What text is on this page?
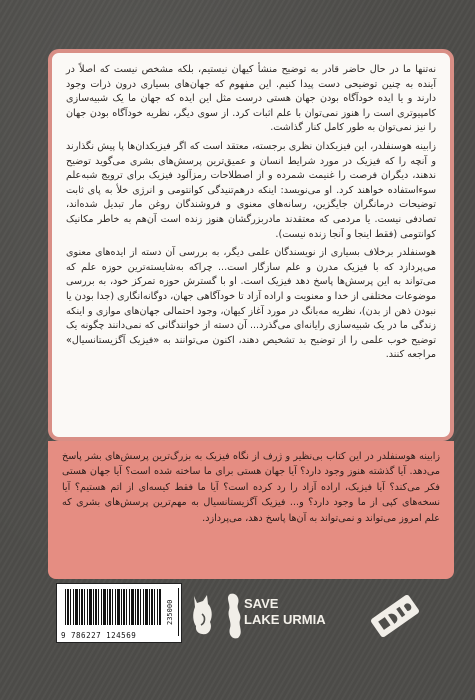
نه‌تنها ما در حال حاضر قادر به توضیح منشأ کیهان نیستیم، بلکه مشخص نیست که اصلاً در آینده به چنین توضیحی دست پیدا کنیم. این مفهوم که جهان‌های بسیاری درون ذرات وجود دارند و یا ایده خودآگاه بودن جهان هستی درست مثل این ایده که جهان ما یک شبیه‌سازی کامپیوتری است را هنوز نمی‌توان با علم اثبات کرد. از سوی دیگر، نظریه خودآگاه بودن جهان را نیز نمی‌توان به طور کامل کنار گذاشت.

زابینه هوسنفلدر، این فیزیکدان نظری برجسته، معتقد است که اگر فیزیکدان‌ها پا پیش نگذارند و آنچه را که فیزیک در مورد شرایط انسان و عمیق‌ترین پرسش‌های بشری می‌گوید توضیح ندهند، دیگران فرصت را غنیمت شمرده و از اصطلاحات رمزآلود فیزیک برای ترویج شبه‌علم سوءاستفاده خواهند کرد. او می‌نویسد: اینکه درهم‌تنیدگی کوانتومی و انرژی خلأ به پای ثابت توضیحات درمانگران جایگزین، رسانه‌های معنوی و فروشندگان روغن مار تبدیل شده‌اند، تصادفی نیست. یا مردمی که معتقدند مادربزرگشان هنوز زنده است آن‌هم به خاطر مکانیک کوانتومی (فقط اینجا و آنجا زنده نیست).

هوسنفلدر برخلاف بسیاری از نویسندگان علمی دیگر، به بررسی آن دسته از ایده‌های معنوی می‌پردازد که با فیزیک مدرن و علم سازگار است... چراکه به‌شایسته‌ترین حوزه علم که می‌تواند به این پرسش‌ها پاسخ دهد فیزیک است. او با گسترش حوزه تمرکز خود، به بررسی موضوعات مختلفی از خدا و معنویت و اراده آزاد تا خودآگاهی جهان، دوگانه‌انگاری (جدا بودن یا نبودن ذهن از بدن)، نظریه مه‌بانگ در مورد آغاز کیهان، وجود احتمالی جهان‌های موازی و اینکه زندگی ما در یک شبیه‌سازی رایانه‌ای می‌گذرد... آن دسته از خوانندگانی که نمی‌دانند چگونه یک توضیح خوب علمی را از توضیح بد تشخیص دهند، اکنون می‌توانند به «فیزیک آگزیستانسیال» مراجعه کنند.

زابینه هوسنفلدر در این کتاب بی‌نظیر و ژرف از نگاه فیزیک به بزرگ‌ترین پرسش‌های بشر پاسخ می‌دهد. آیا گذشته هنوز وجود دارد؟ آیا جهان هستی برای ما ساخته شده است؟ آیا جهان هستی فکر می‌کند؟ آیا فیزیک، اراده آزاد را رد کرده است؟ آیا ما فقط کیسه‌ای از اتم هستیم؟ آیا نسخه‌های کپی از ما وجود دارد؟ و... فیزیک آگزیستانسیال به مهم‌ترین پرسش‌های بشری که علم امروز می‌تواند و نمی‌تواند به آن‌ها پاسخ دهد، می‌پردازد.

9 786227 124569
235000	SAVE
LAKE URMIA
